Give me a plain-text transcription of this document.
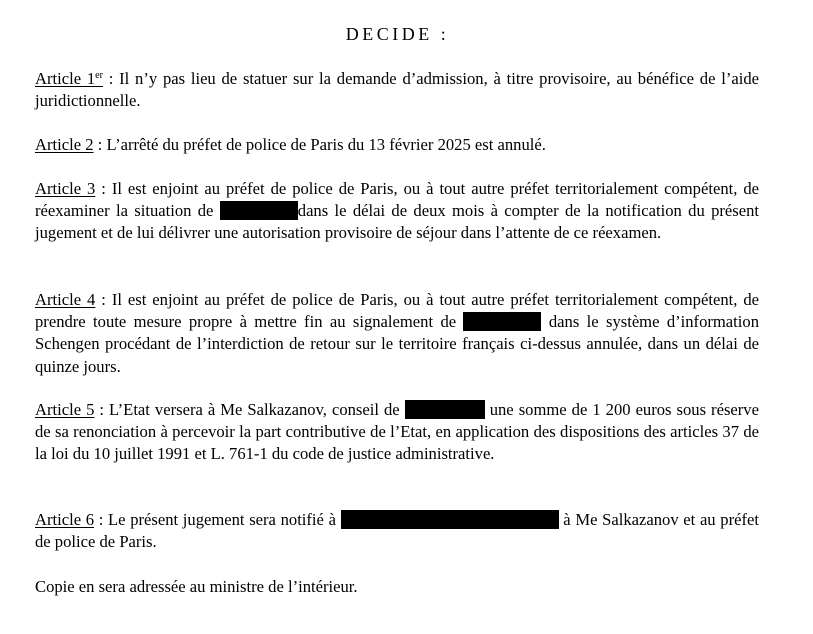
DECIDE :
Article 1er : Il n’y pas lieu de statuer sur la demande d’admission, à titre provisoire, au bénéfice de l’aide juridictionnelle.
Article 2 : L’arrêté du préfet de police de Paris du 13 février 2025 est annulé.
Article 3 : Il est enjoint au préfet de police de Paris, ou à tout autre préfet territorialement compétent, de réexaminer la situation de	dans le délai de deux mois à compter de la notification du présent jugement et de lui délivrer une autorisation provisoire de séjour dans l’attente de ce réexamen.
Article 4 : Il est enjoint au préfet de police de Paris, ou à tout autre préfet territorialement compétent, de prendre toute mesure propre à mettre fin au signalement de	dans le système d’information Schengen procédant de l’interdiction de retour sur le territoire français ci-dessus annulée, dans un délai de quinze jours.
Article 5 : L’Etat versera à Me Salkazanov, conseil de	une somme de 1 200 euros sous réserve de sa renonciation à percevoir la part contributive de l’Etat, en application des dispositions des articles 37 de la loi du 10 juillet 1991 et L. 761-1 du code de justice administrative.
Article 6 : Le présent jugement sera notifié à	à Me Salkazanov et au préfet de police de Paris.
Copie en sera adressée au ministre de l’intérieur.
